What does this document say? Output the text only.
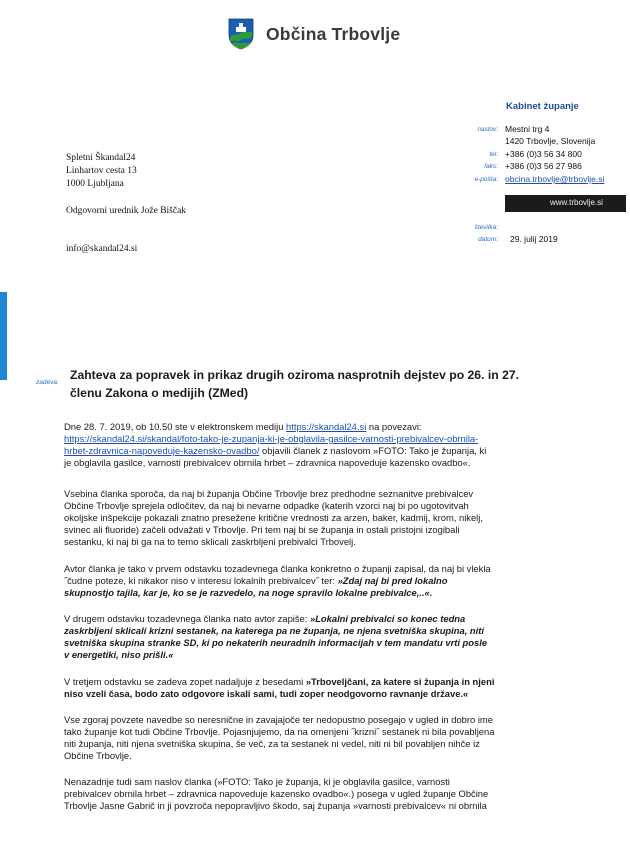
Občina Trbovlje
Kabinet županje
naslov: Mestni trg 4
1420 Trbovlje, Slovenija
tel: +386 (0)3 56 34 800
faks: +386 (0)3 56 27 986
e-pošta: obcina.trbovlje@trbovlje.si
www.trbovlje.si
številka:
datum: 29. julij 2019
Spletni Škandal24
Linhartov cesta 13
1000 Ljubljana
Odgovorni urednik Jože Biščak
info@skandal24.si
zadeva:
Zahteva za popravek in prikaz drugih oziroma nasprotnih dejstev po 26. in 27.
členu Zakona o medijih (ZMed)
Dne 28. 7. 2019, ob 10.50 ste v elektronskem mediju https://skandal24.si na povezavi:
https://skandal24.si/skandal/foto-tako-je-zupanja-ki-je-obglavila-gasilce-varnosti-prebivalcev-obrnila-
hrbet-zdravnica-napoveduje-kazensko-ovadbo/ objavili članek z naslovom »FOTO: Tako je županja, ki
je obglavila gasilce, varnosti prebivalcev obrnila hrbet – zdravnica napoveduje kazensko ovadbo«.
Vsebina članka sporoča, da naj bi županja Občine Trbovlje brez predhodne seznanitve prebivalcev
Občine Trbovlje sprejela odločitev, da naj bi nevarne odpadke (katerih vzorci naj bi po ugotovitvah
okoljske inšpekcije pokazali znatno presežene kritične vrednosti za arzen, baker, kadmij, krom, nikelj,
svinec ali fluoride) začeli odvažati v Trbovlje. Pri tem naj bi se županja in ostali pristojni izogibali
sestanku, ki naj bi ga na to temo sklicali zaskrbljeni prebivalci Trbovelj.
Avtor članka je tako v prvem odstavku tozadevnega članka konkretno o županji zapisal, da naj bi vlekla
˝čudne poteze, ki nikakor niso v interesu lokalnih prebivalcev˝ ter: »Zdaj naj bi pred lokalno
skupnostjo tajila, kar je, ko se je razvedelo, na noge spravilo lokalne prebivalce,..«.
V drugem odstavku tozadevnega članka nato avtor zapiše: »Lokalni prebivalci so konec tedna
zaskrbljeni sklicali krizni sestanek, na katerega pa ne županja, ne njena svetniška skupina, niti
svetniška skupina stranke SD, ki po nekaterih neuradnih informacijah v tem mandatu vrti posle
v energetiki, niso prišli.«
V tretjem odstavku se zadeva zopet nadaljuje z besedami »Trboveljčani, za katere si županja in njeni
niso vzeli časa, bodo zato odgovore iskali sami, tudi zoper neodgovorno ravnanje države.«
Vse zgoraj povzete navedbe so neresnične in zavajajoče ter nedopustno posegajo v ugled in dobro ime
tako županje kot tudi Občine Trbovlje. Pojasnjujemo, da na omenjeni ˝krizni˝ sestanek ni bila povabljena
niti županja, niti njena svetniška skupina, še več, za ta sestanek ni vedel, niti ni bil povabljen nihče iz
Občine Trbovlje.
Nenazadnje tudi sam naslov članka (»FOTO: Tako je županja, ki je obglavila gasilce, varnosti
prebivalcev obrnila hrbet – zdravnica napoveduje kazensko ovadbo«.) posega v ugled županje Občine
Trbovlje Jasne Gabrič in ji povzroča nepopravljivo škodo, saj županja »varnosti prebivalcev« ni obrnila
